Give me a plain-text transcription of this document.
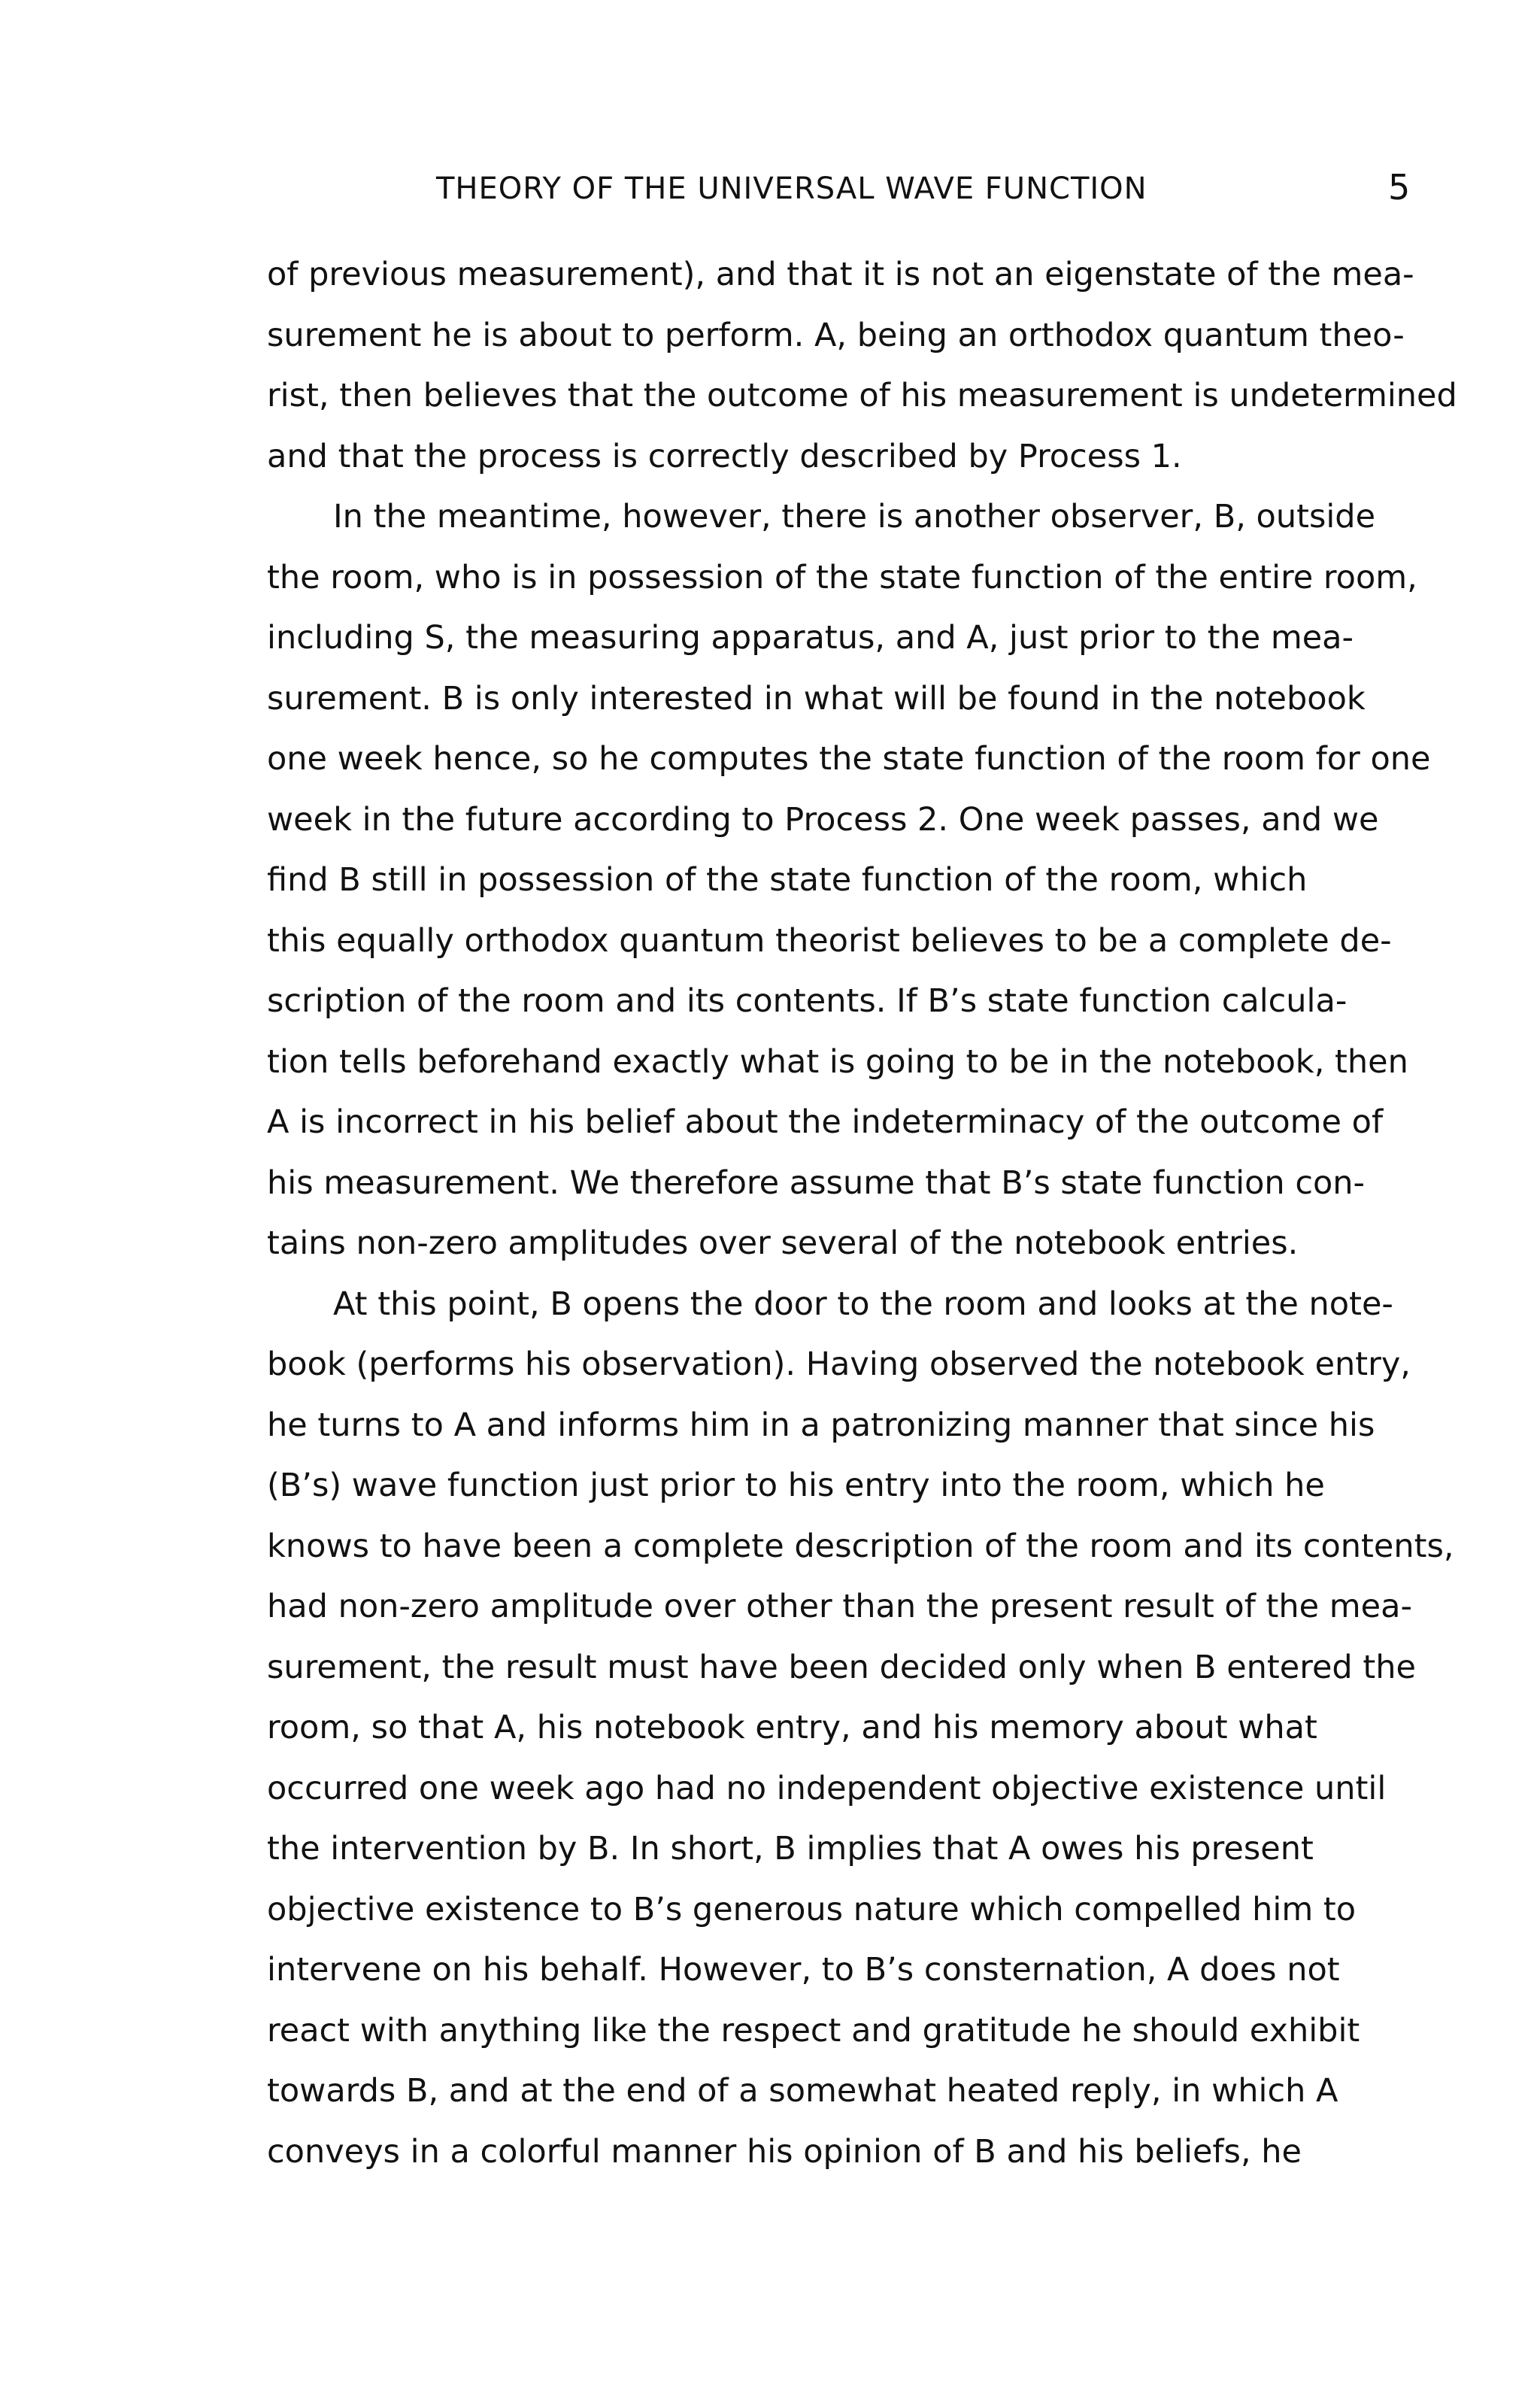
THEORY OF THE UNIVERSAL WAVE FUNCTION	5
of previous measurement), and that it is not an eigenstate of the mea-
surement he is about to perform. A, being an orthodox quantum theo-
rist, then believes that the outcome of his measurement is undetermined
and that the process is correctly described by Process 1.
In the meantime, however, there is another observer, B, outside
the room, who is in possession of the state function of the entire room,
including S, the measuring apparatus, and A, just prior to the mea-
surement. B is only interested in what will be found in the notebook
one week hence, so he computes the state function of the room for one
week in the future according to Process 2. One week passes, and we
find B still in possession of the state function of the room, which
this equally orthodox quantum theorist believes to be a complete de-
scription of the room and its contents. If B’s state function calcula-
tion tells beforehand exactly what is going to be in the notebook, then
A is incorrect in his belief about the indeterminacy of the outcome of
his measurement. We therefore assume that B’s state function con-
tains non-zero amplitudes over several of the notebook entries.
At this point, B opens the door to the room and looks at the note-
book (performs his observation). Having observed the notebook entry,
he turns to A and informs him in a patronizing manner that since his
(B’s) wave function just prior to his entry into the room, which he
knows to have been a complete description of the room and its contents,
had non-zero amplitude over other than the present result of the mea-
surement, the result must have been decided only when B entered the
room, so that A, his notebook entry, and his memory about what
occurred one week ago had no independent objective existence until
the intervention by B. In short, B implies that A owes his present
objective existence to B’s generous nature which compelled him to
intervene on his behalf. However, to B’s consternation, A does not
react with anything like the respect and gratitude he should exhibit
towards B, and at the end of a somewhat heated reply, in which A
conveys in a colorful manner his opinion of B and his beliefs, he
